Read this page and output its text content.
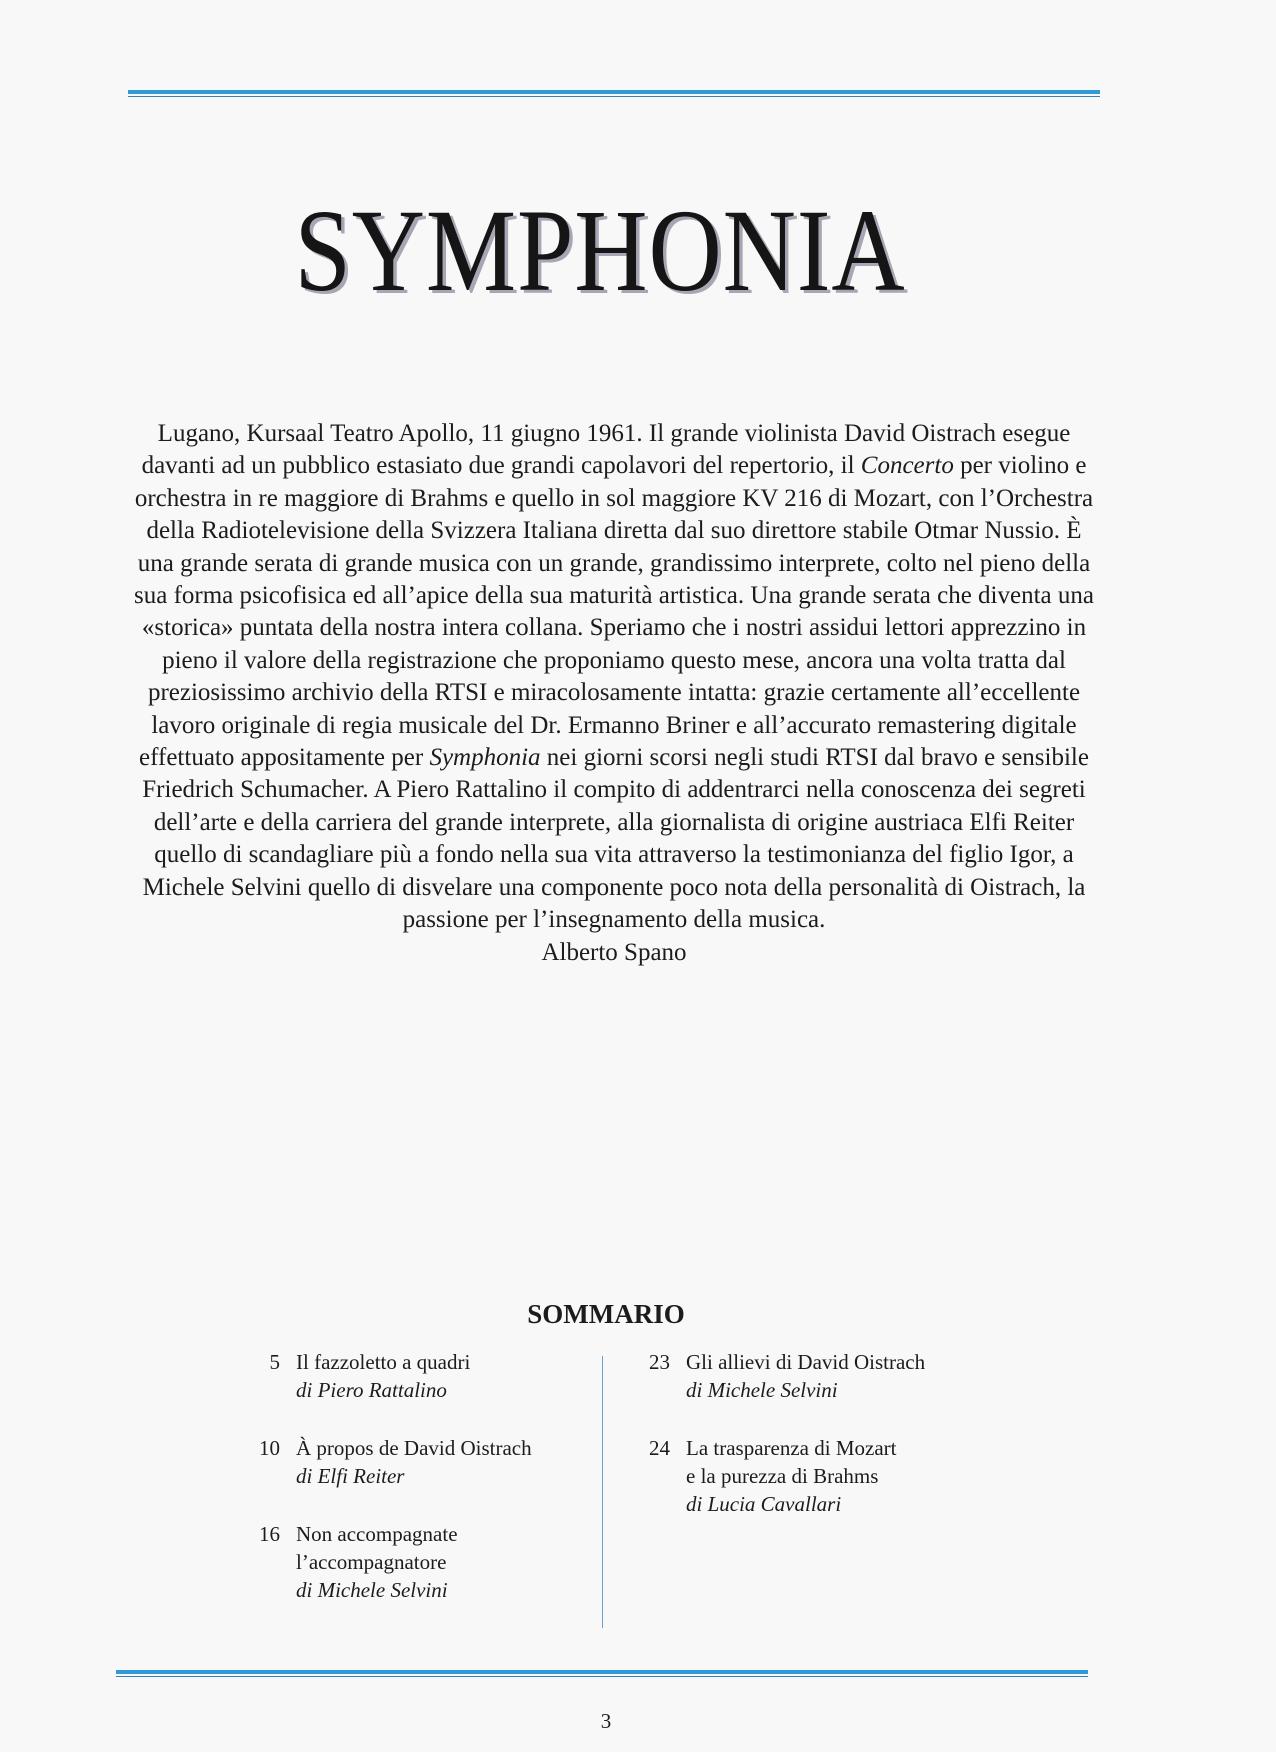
SYMPHONIA

Lugano, Kursaal Teatro Apollo, 11 giugno 1961. Il grande violinista David Oistrach esegue davanti ad un pubblico estasiato due grandi capolavori del repertorio, il Concerto per violino e orchestra in re maggiore di Brahms e quello in sol maggiore KV 216 di Mozart, con l’Orchestra della Radiotelevisione della Svizzera Italiana diretta dal suo direttore stabile Otmar Nussio. È una grande serata di grande musica con un grande, grandissimo interprete, colto nel pieno della sua forma psicofisica ed all’apice della sua maturità artistica. Una grande serata che diventa una «storica» puntata della nostra intera collana. Speriamo che i nostri assidui lettori apprezzino in pieno il valore della registrazione che proponiamo questo mese, ancora una volta tratta dal preziosissimo archivio della RTSI e miracolosamente intatta: grazie certamente all’eccellente lavoro originale di regia musicale del Dr. Ermanno Briner e all’accurato remastering digitale effettuato appositamente per Symphonia nei giorni scorsi negli studi RTSI dal bravo e sensibile Friedrich Schumacher. A Piero Rattalino il compito di addentrarci nella conoscenza dei segreti dell’arte e della carriera del grande interprete, alla giornalista di origine austriaca Elfi Reiter quello di scandagliare più a fondo nella sua vita attraverso la testimonianza del figlio Igor, a Michele Selvini quello di disvelare una componente poco nota della personalità di Oistrach, la passione per l’insegnamento della musica.

Alberto Spano
SOMMARIO
5 Il fazzoletto a quadri
di Piero Rattalino
10 À propos de David Oistrach
di Elfi Reiter
16 Non accompagnate
l’accompagnatore
di Michele Selvini
23 Gli allievi di David Oistrach
di Michele Selvini
24 La trasparenza di Mozart
e la purezza di Brahms
di Lucia Cavallari
3
